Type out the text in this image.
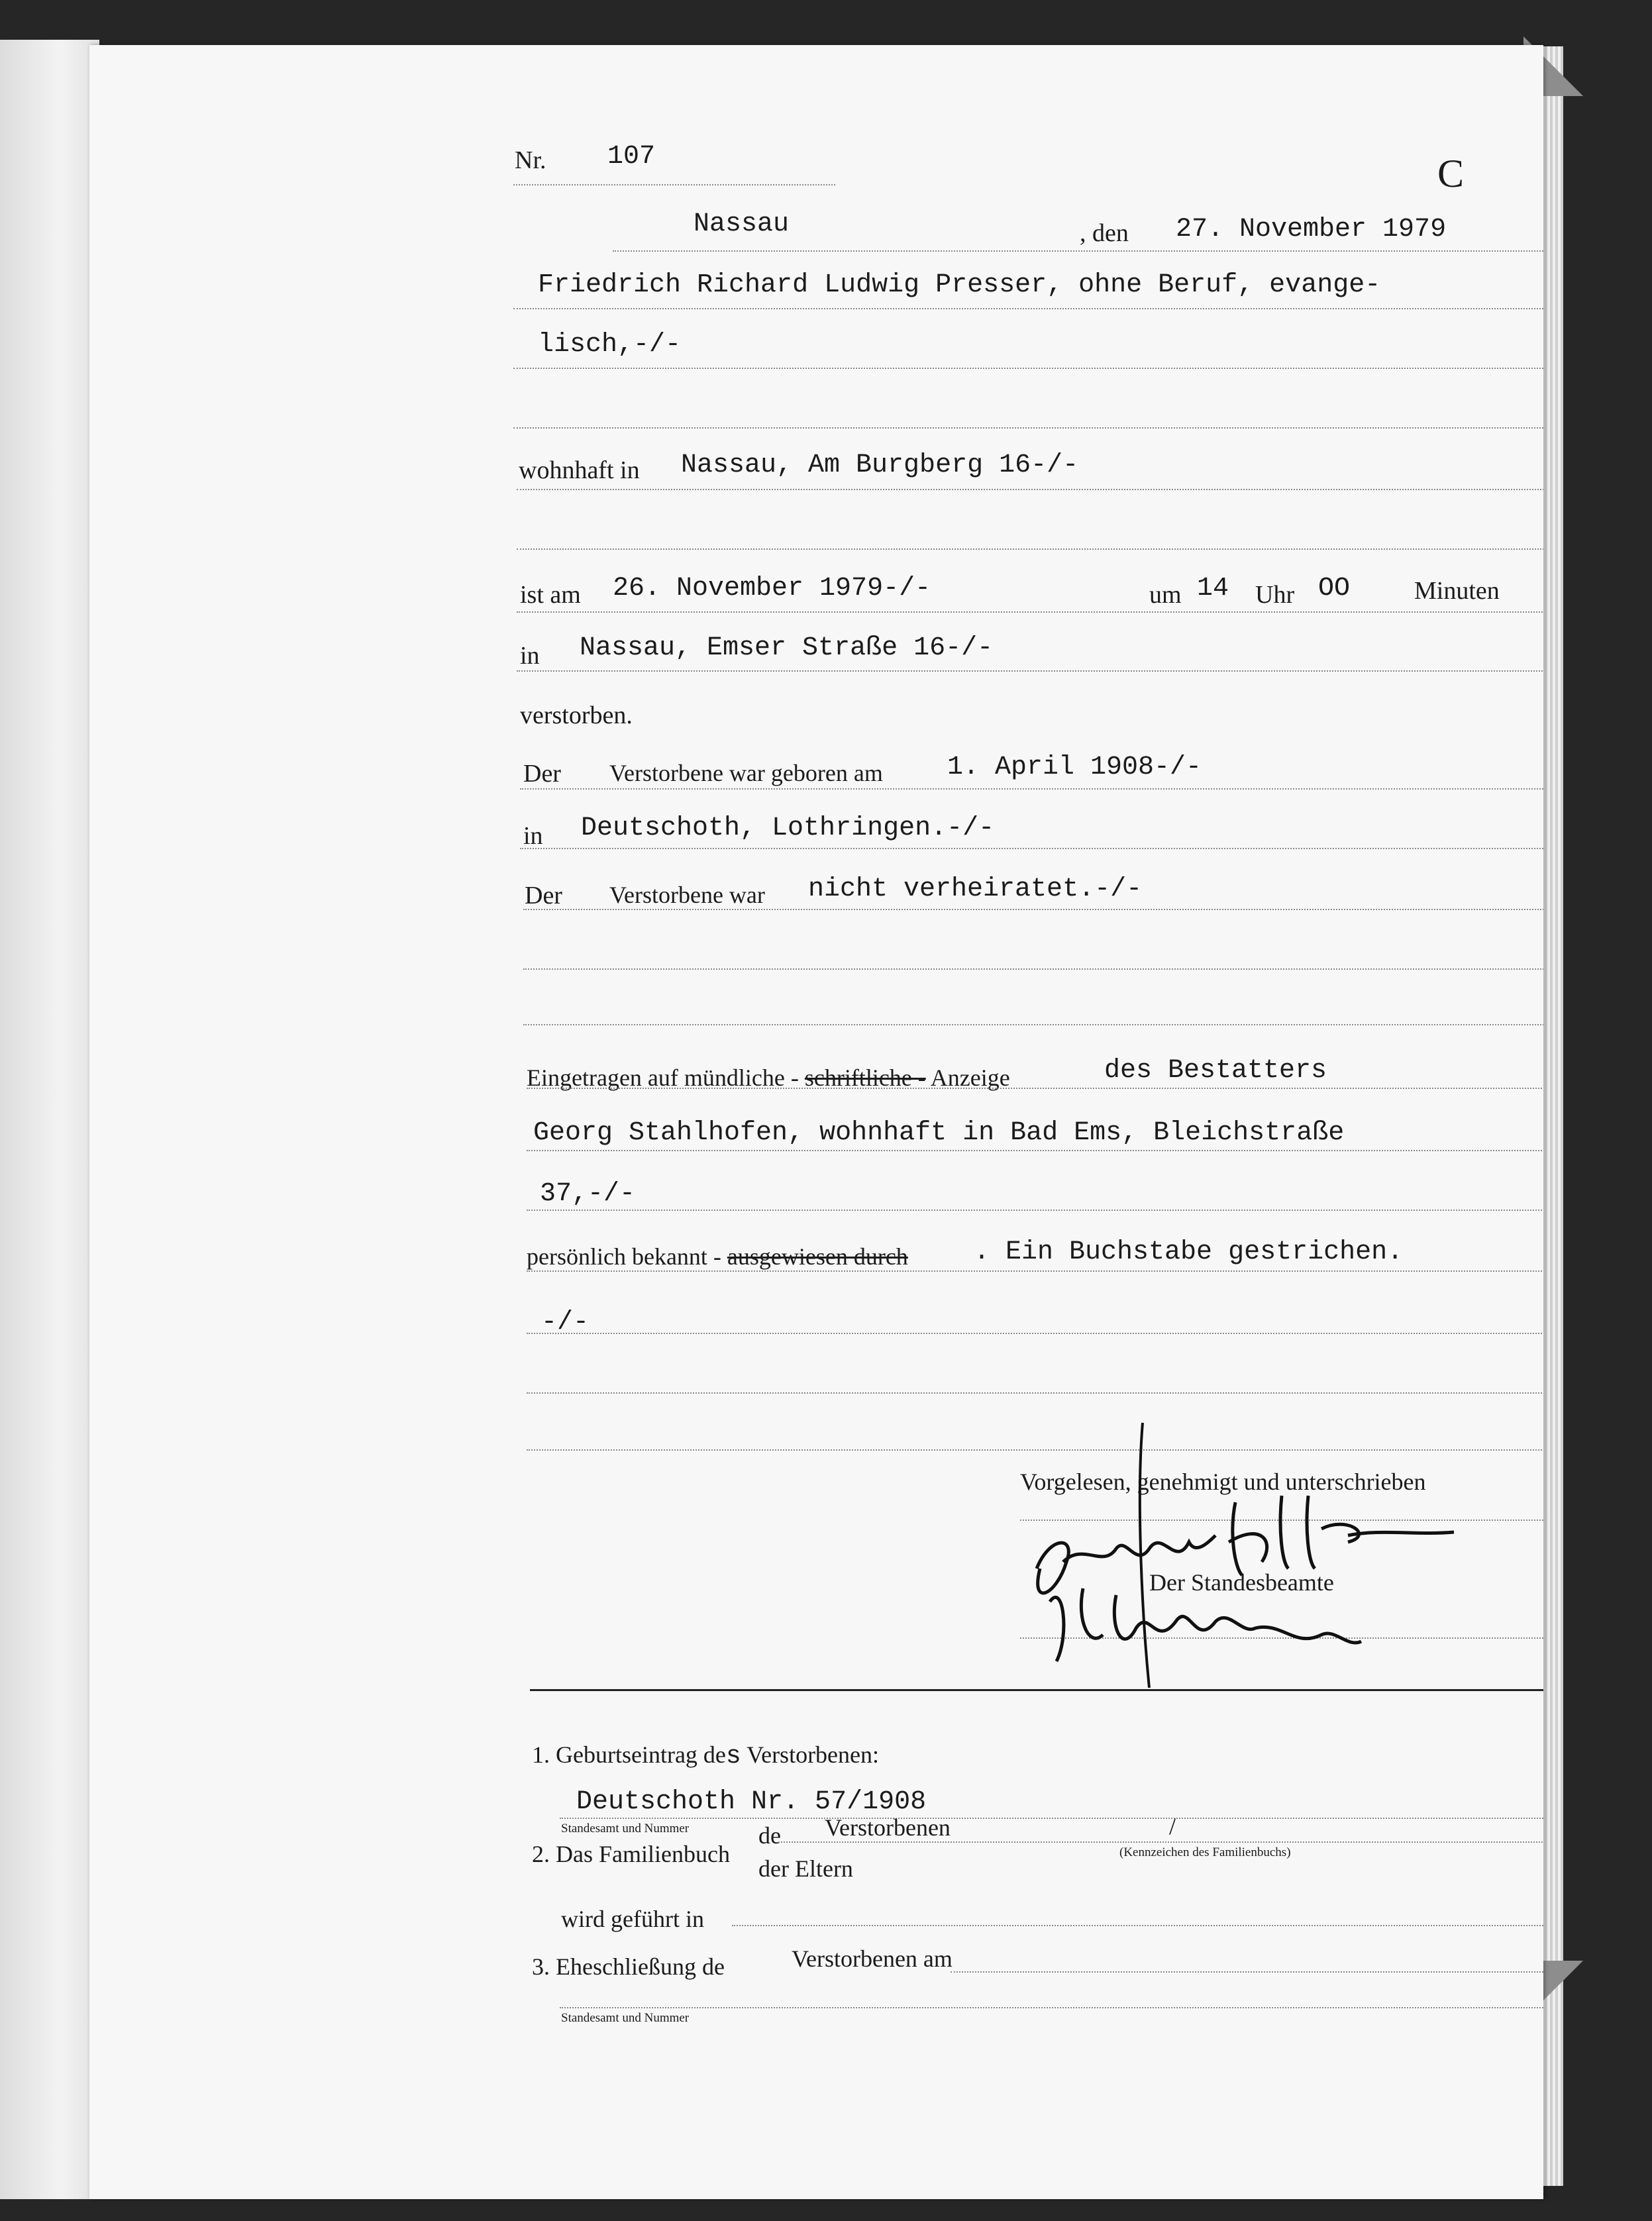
Nr. 107	C
Nassau	, den 27. November 1979
Friedrich Richard Ludwig Presser, ohne Beruf, evange-
lisch,-/-
wohnhaft in Nassau, Am Burgberg 16-/-
ist am 26. November 1979-/-	um 14 Uhr OO	Minuten
in Nassau, Emser Straße 16-/-
verstorben.
Der Verstorbene war geboren am 1. April 1908-/-
in Deutschoth, Lothringen.-/-
Der Verstorbene war nicht verheiratet.-/-
Eingetragen auf mündliche - schriftliche - Anzeige	des Bestatters
Georg Stahlhofen, wohnhaft in Bad Ems, Bleichstraße
37,-/-
persönlich bekannt - ausgewiesen durch . Ein Buchstabe gestrichen.
-/-
Vorgelesen, genehmigt und unterschrieben
Der Standesbeamte
1. Geburtseintrag des Verstorbenen:
Deutschoth Nr. 57/1908
Standesamt und Nummer
2. Das Familienbuch
de Verstorbenen	/
(Kennzeichen des Familienbuchs)
der Eltern
wird geführt in
3. Eheschließung de	Verstorbenen am
Standesamt und Nummer
